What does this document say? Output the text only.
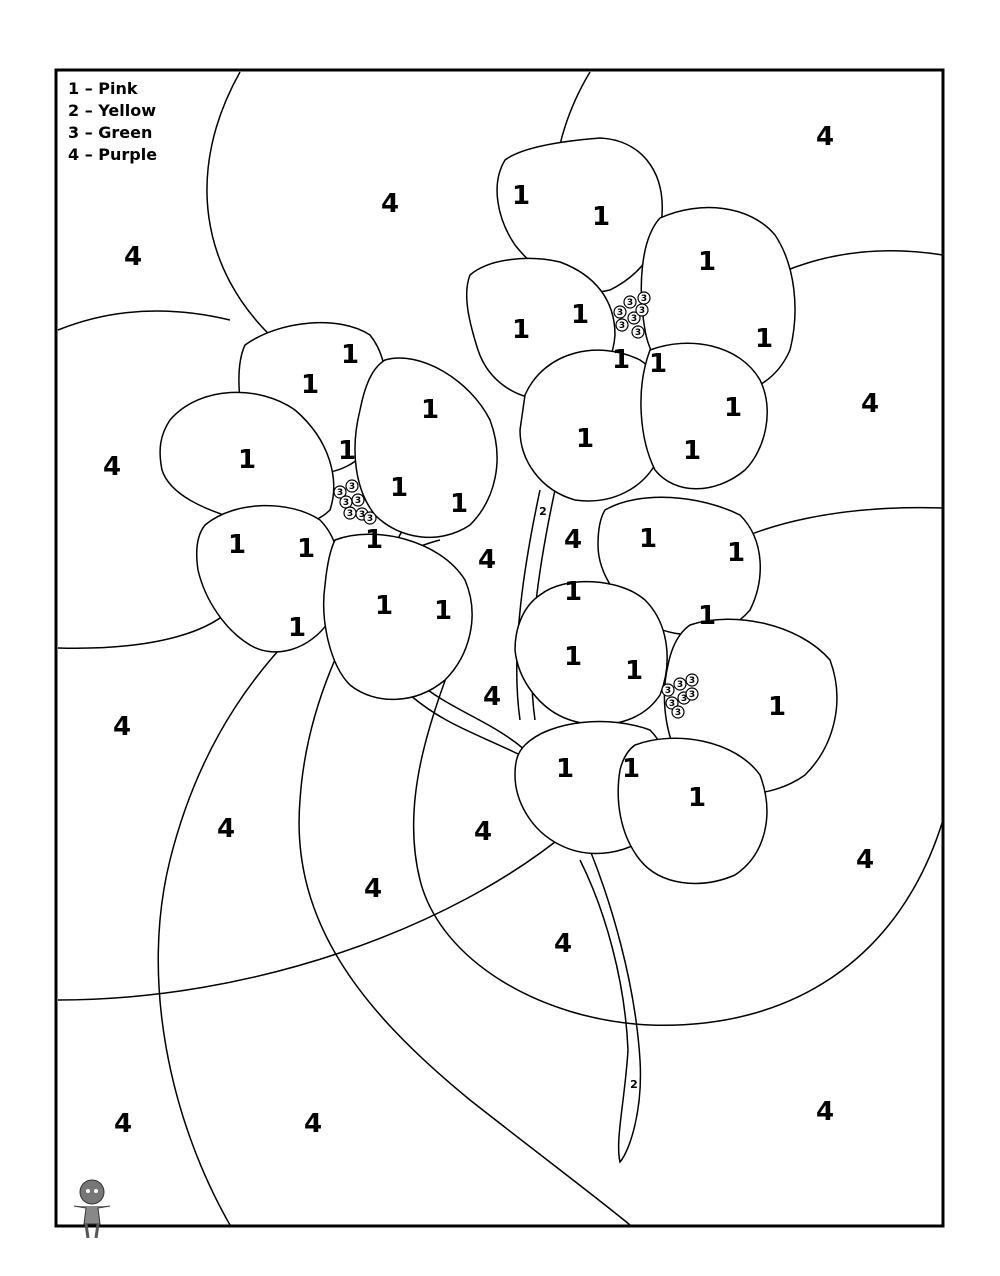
1 – Pink
2 – Yellow
3 – Green
4 – Purple
4
4
4
4
4
4
4
4
4
4	4
4
4
4
4
4	4
1
1
1
1
1	1
1 1
1
1	1
1
1
1
1
1
1
1
1
1 1
1 1
1
1	1
1
1
1 1
1
1 1
1
2
2
3
3
3
3
3
3
3
3
3
3 3
3 3 3
3
3 3
3 3 3
3
